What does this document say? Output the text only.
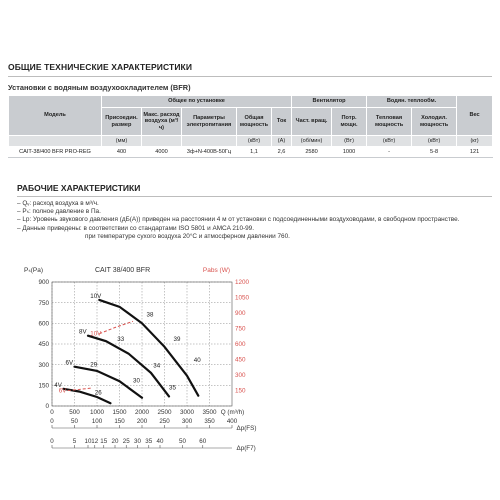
ОБЩИЕ ТЕХНИЧЕСКИЕ ХАРАКТЕРИСТИКИ
Установки с водяным воздухоохладителем (BFR)
Модель	Общее по установке					Вентилятор		Водян. теплообм.		Вес
	Присоедин. размер	Макс. расход воздуха (м³/ч)	Параметры электропитания	Общая мощность	Ток	Част. вращ.	Потр. мощн.	Тепловая мощность	Холодил. мощность	
	(мм)			(кВт)	(А)	(об/мин)	(Вт)	(кВт)	(кВт)	(кг)
CAIT-38/400 BFR PRO-REG	400	4000	3ф+N-400В-50Гц	1,1	2,6	2580	1000	-	5-8	121
РАБОЧИЕ ХАРАКТЕРИСТИКИ
– Qᵥ: расход воздуха в м³/ч.
– Pₛ: полное давление в Па.
– Lp: Уровень звукового давления (дБ(А)) приведен на расстоянии 4 м от установки с подсоединенными воздуховодами, в свободном пространстве.
– Данные приведены: в соответствии со стандартами ISO 5801 и AMCA 210-99.
при температуре сухого воздуха 20°С и атмосферном давлении 760.
Pₛ(Pa)	Pabs (W)
CAIT 38/400 BFR
0
150
300
450
600
750
900
150
300
450
600
750
900
1050
1200
0 500 1000 1500 2000 2500 3000 3500 Q (m³/h)
10V
8V
6V
4V
10V
6V
38
39
40
33
34
35
29
30
26
0	50 100 150 200 250 300 350 400
Δp(FS)
0	5 10 12 15 20 25 30 35 40	50 60
Δp(F7)
